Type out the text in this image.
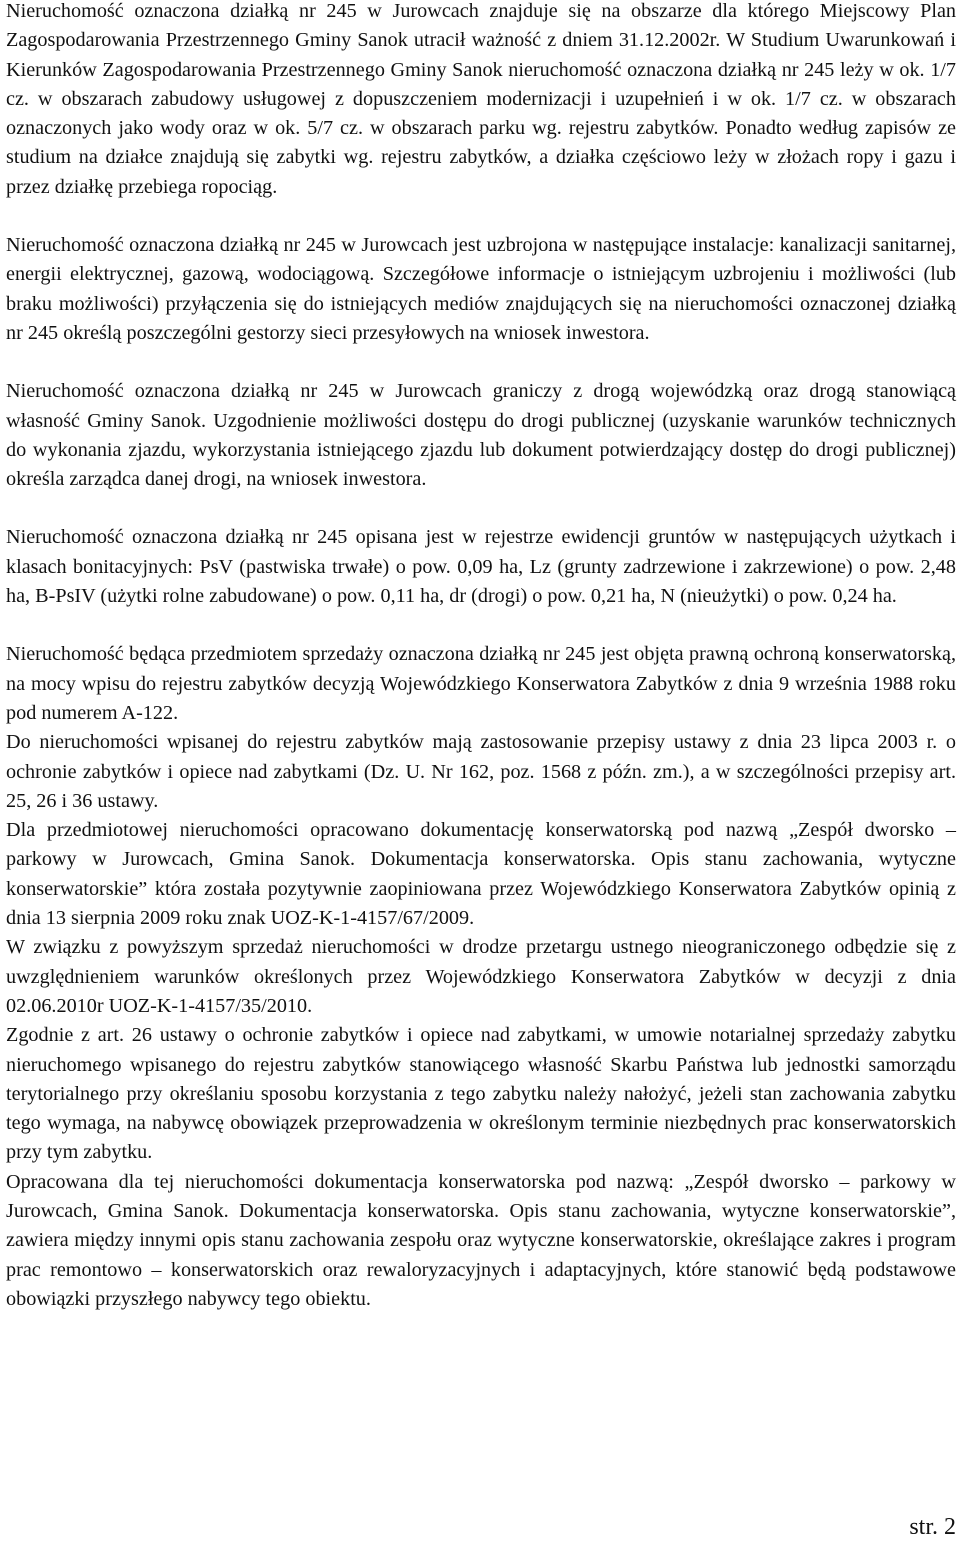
Nieruchomość oznaczona działką nr 245 w Jurowcach znajduje się na obszarze dla którego Miejscowy Plan Zagospodarowania Przestrzennego Gminy Sanok utracił ważność z dniem 31.12.2002r. W Studium Uwarunkowań i Kierunków Zagospodarowania Przestrzennego Gminy Sanok nieruchomość oznaczona działką nr 245 leży w ok. 1/7 cz. w obszarach zabudowy usługowej z dopuszczeniem modernizacji i uzupełnień i w ok. 1/7 cz. w obszarach oznaczonych jako wody oraz w ok. 5/7 cz. w obszarach parku wg. rejestru zabytków. Ponadto według zapisów ze studium na działce znajdują się zabytki wg. rejestru zabytków, a działka częściowo leży w złożach ropy i gazu i przez działkę przebiega ropociąg.

Nieruchomość oznaczona działką nr 245 w Jurowcach jest uzbrojona w następujące instalacje: kanalizacji sanitarnej, energii elektrycznej, gazową, wodociągową. Szczegółowe informacje o istniejącym uzbrojeniu i możliwości (lub braku możliwości) przyłączenia się do istniejących mediów znajdujących się na nieruchomości oznaczonej działką nr 245 określą poszczególni gestorzy sieci przesyłowych na wniosek inwestora.

Nieruchomość oznaczona działką nr 245 w Jurowcach graniczy z drogą wojewódzką oraz drogą stanowiącą własność Gminy Sanok. Uzgodnienie możliwości dostępu do drogi publicznej (uzyskanie warunków technicznych do wykonania zjazdu, wykorzystania istniejącego zjazdu lub dokument potwierdzający dostęp do drogi publicznej) określa zarządca danej drogi, na wniosek inwestora.

Nieruchomość oznaczona działką nr 245 opisana jest w rejestrze ewidencji gruntów w następujących użytkach i klasach bonitacyjnych: PsV (pastwiska trwałe) o pow. 0,09 ha, Lz (grunty zadrzewione i zakrzewione) o pow. 2,48 ha, B-PsIV (użytki rolne zabudowane) o pow. 0,11 ha, dr (drogi) o pow. 0,21 ha, N (nieużytki) o pow. 0,24 ha.

Nieruchomość będąca przedmiotem sprzedaży oznaczona działką nr 245 jest objęta prawną ochroną konserwatorską, na mocy wpisu do rejestru zabytków decyzją Wojewódzkiego Konserwatora Zabytków z dnia 9 września 1988 roku pod numerem A-122.

Do nieruchomości wpisanej do rejestru zabytków mają zastosowanie przepisy ustawy z dnia 23 lipca 2003 r. o ochronie zabytków i opiece nad zabytkami (Dz. U. Nr 162, poz. 1568 z późn. zm.), a w szczególności przepisy art. 25, 26 i 36 ustawy.

Dla przedmiotowej nieruchomości opracowano dokumentację konserwatorską pod nazwą „Zespół dworsko – parkowy w Jurowcach, Gmina Sanok. Dokumentacja konserwatorska. Opis stanu zachowania, wytyczne konserwatorskie” która została pozytywnie zaopiniowana przez Wojewódzkiego Konserwatora Zabytków opinią z dnia 13 sierpnia 2009 roku znak UOZ-K-1-4157/67/2009.

W związku z powyższym sprzedaż nieruchomości w drodze przetargu ustnego nieograniczonego odbędzie się z uwzględnieniem warunków określonych przez Wojewódzkiego Konserwatora Zabytków w decyzji z dnia 02.06.2010r UOZ-K-1-4157/35/2010.

Zgodnie z art. 26 ustawy o ochronie zabytków i opiece nad zabytkami, w umowie notarialnej sprzedaży zabytku nieruchomego wpisanego do rejestru zabytków stanowiącego własność Skarbu Państwa lub jednostki samorządu terytorialnego przy określaniu sposobu korzystania z tego zabytku należy nałożyć, jeżeli stan zachowania zabytku tego wymaga, na nabywcę obowiązek przeprowadzenia w określonym terminie niezbędnych prac konserwatorskich przy tym zabytku.

Opracowana dla tej nieruchomości dokumentacja konserwatorska pod nazwą: „Zespół dworsko – parkowy w Jurowcach, Gmina Sanok. Dokumentacja konserwatorska. Opis stanu zachowania, wytyczne konserwatorskie”, zawiera między innymi opis stanu zachowania zespołu oraz wytyczne konserwatorskie, określające zakres i program prac remontowo – konserwatorskich oraz rewaloryzacyjnych i adaptacyjnych, które stanowić będą podstawowe obowiązki przyszłego nabywcy tego obiektu.

str. 2
